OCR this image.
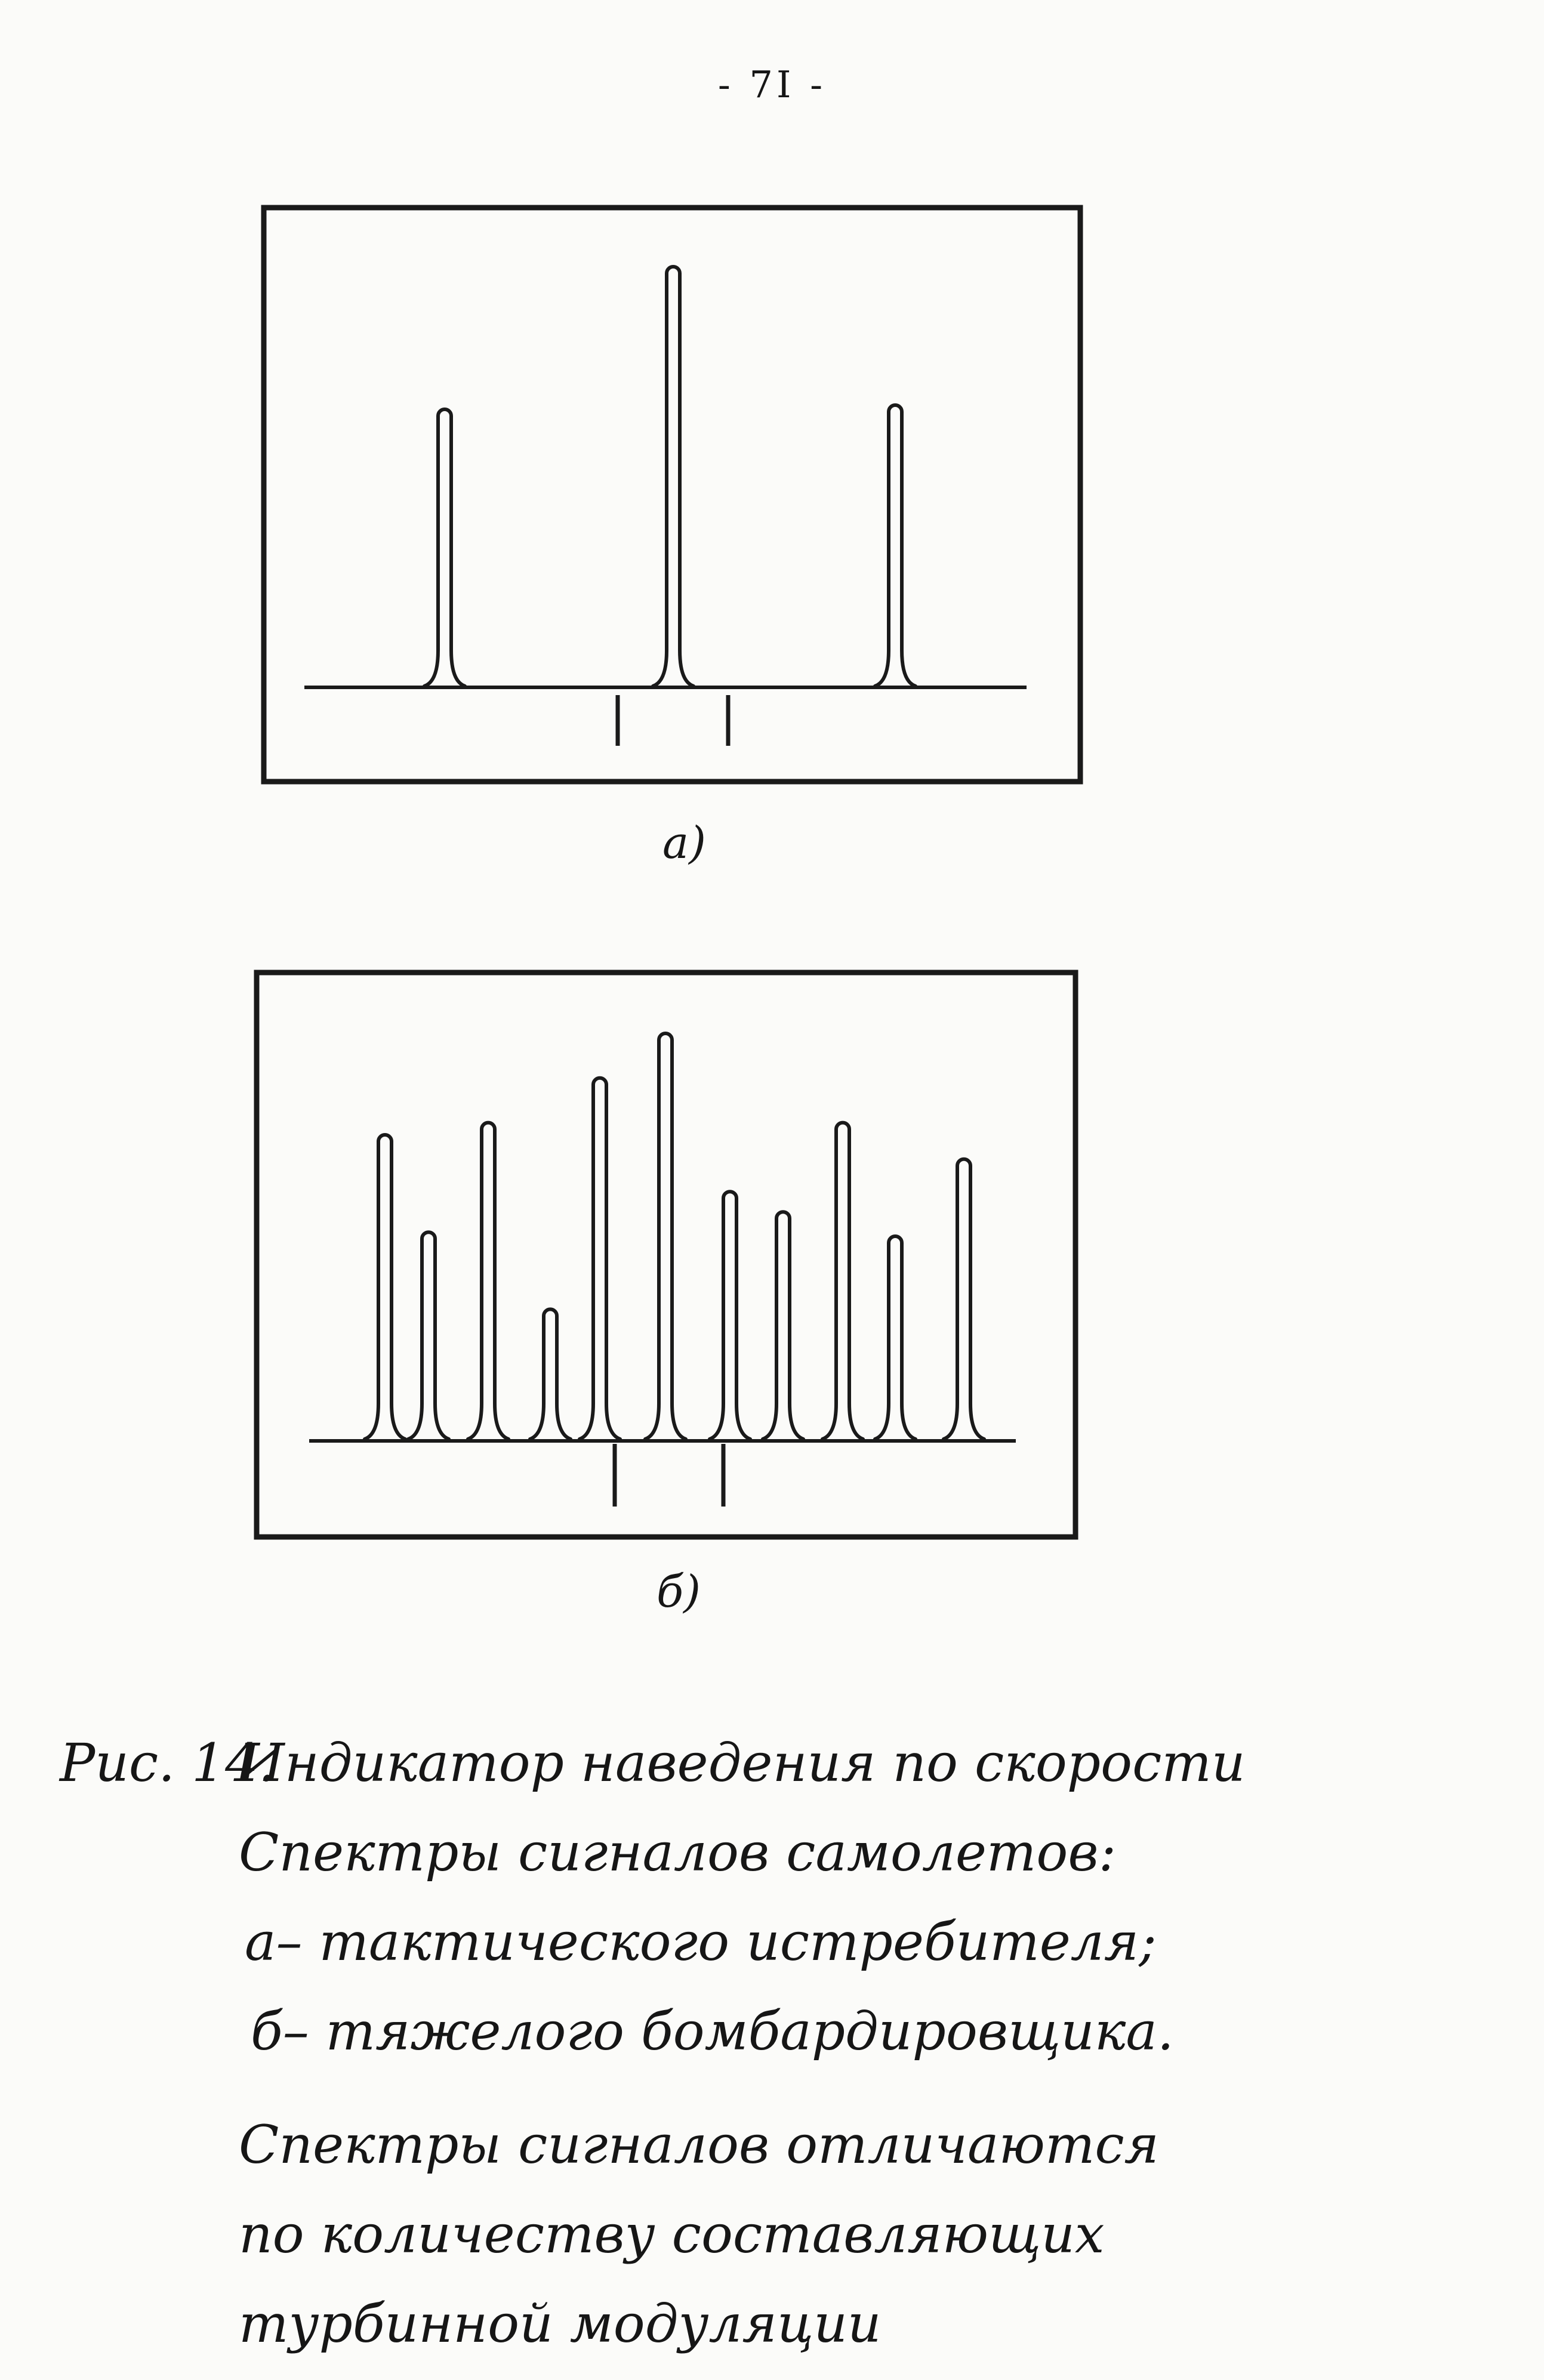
- 7I -
а)
б)
Рис. 14.Индикатор наведения по скорости
Спектры сигналов самолетов:
а– тактического истребителя;
б– тяжелого бомбардировщика.
Спектры сигналов отличаются
по количеству составляющих
турбинной модуляции
